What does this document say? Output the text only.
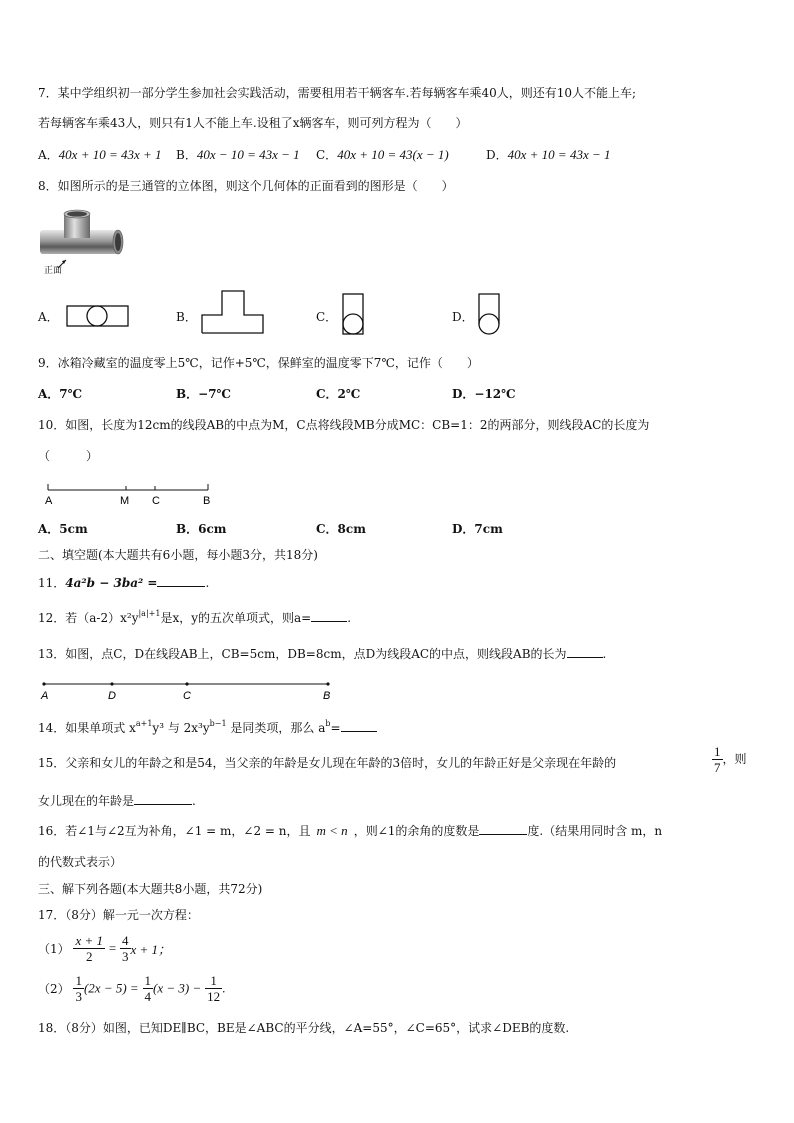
7．某中学组织初一部分学生参加社会实践活动，需要租用若干辆客车.若每辆客车乘40人，则还有10人不能上车;
若每辆客车乘43人，则只有1人不能上车.设租了x辆客车，则可列方程为（　　）
A．40x + 10 = 43x + 1 B．40x − 10 = 43x − 1 C．40x + 10 = 43(x − 1)	D．40x + 10 = 43x − 1
8．如图所示的是三通管的立体图，则这个几何体的正面看到的图形是（　　）
正面
A．	B．	C．	D．
9．冰箱冷藏室的温度零上5℃，记作+5℃，保鲜室的温度零下7℃，记作（　　）
A．7℃	B．−7℃	C．2℃	D．−12℃
10．如图，长度为12cm的线段AB的中点为M，C点将线段MB分成MC：CB=1：2的两部分，则线段AC的长度为
（　　　）
A	M C	B
A．5cm	B．6cm	C．8cm	D．7cm
二、填空题(本大题共有6小题，每小题3分，共18分)
11．4a²b − 3ba² =	.
12．若$(a-2)x^2y^{|a|+1}$是x，y的五次单项式，则a=	.
13．如图，点C，D在线段AB上，CB=5cm，DB=8cm，点D为线段AC的中点，则线段AB的长为	.
A	D	C	B
14．如果单项式 $x^{a+1}y^3$ 与 $2x^3y^{b-1}$ 是同类项，那么 $a^b=$
15．父亲和女儿的年龄之和是54，当父亲的年龄是女儿现在年龄的3倍时，女儿的年龄正好是父亲现在年龄的	$\frac{1}{7}$ ，则
女儿现在的年龄是	.
16．若∠1与∠2互为补角，∠1 = m，∠2 = n，且 m < n ，则∠1的余角的度数是	度.（结果用同时含 m，n
的代数式表示）
三、解下列各题(本大题共8小题，共72分)
17．（8分）解一元一次方程：
$(1) \frac{x + 1}{2} = \frac{4}{3}$ x + 1；
$(2) \frac{1}{3} (2x - 5) = \frac{1}{4} (x - 3) - \frac{1}{12}$ .
18．（8分）如图，已知DE∥BC，BE是∠ABC的平分线，∠A=55°，∠C=65°，试求∠DEB的度数.
